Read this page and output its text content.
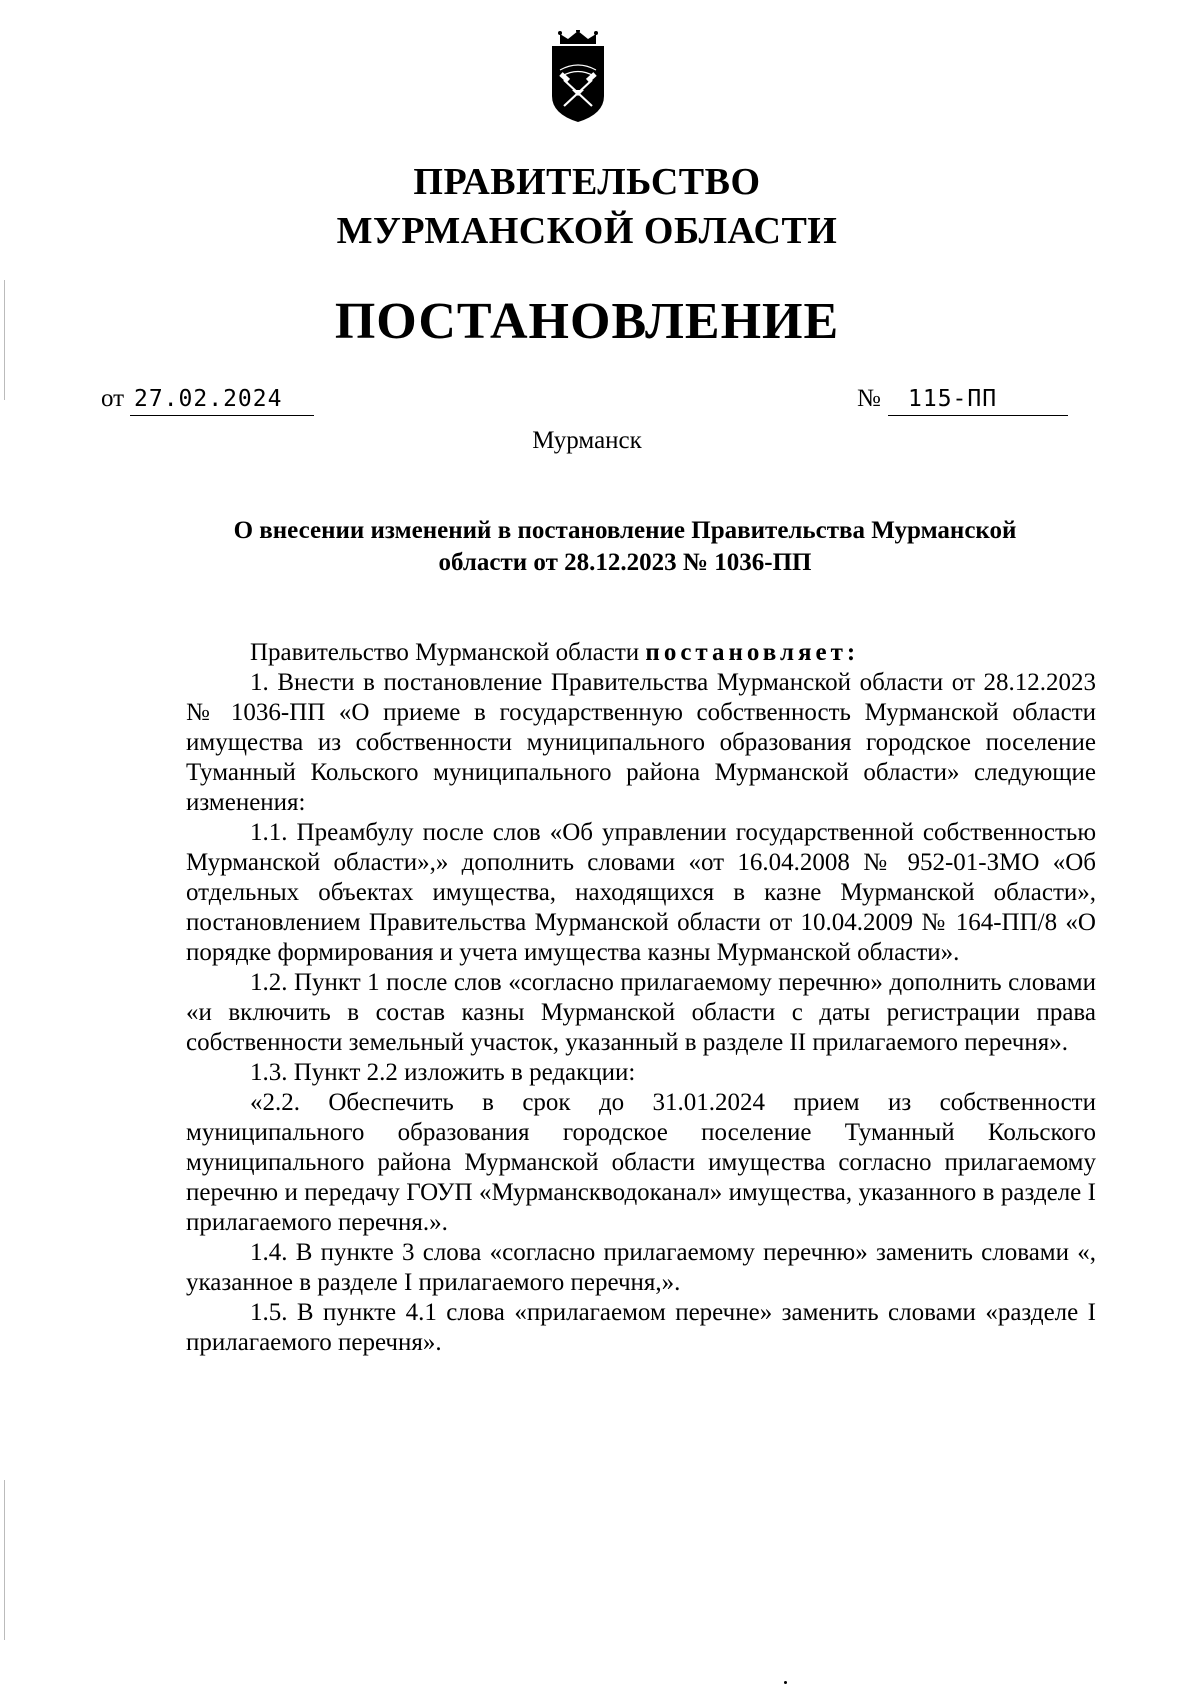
ПРАВИТЕЛЬСТВО
МУРМАНСКОЙ ОБЛАСТИ
ПОСТАНОВЛЕНИЕ
от 27.02.2024	№	115-ПП
Мурманск
О внесении изменений в постановление Правительства Мурманской
области от 28.12.2023 № 1036-ПП

Правительство Мурманской области постановляет:

1. Внести в постановление Правительства Мурманской области от 28.12.2023 № 1036-ПП «О приеме в государственную собственность Мурманской области имущества из собственности муниципального образования городское поселение Туманный Кольского муниципального района Мурманской области» следующие изменения:

1.1. Преамбулу после слов «Об управлении государственной собственностью Мурманской области»,» дополнить словами «от 16.04.2008 № 952-01-ЗМО «Об отдельных объектах имущества, находящихся в казне Мурманской области», постановлением Правительства Мурманской области от 10.04.2009 № 164-ПП/8 «О порядке формирования и учета имущества казны Мурманской области».

1.2. Пункт 1 после слов «согласно прилагаемому перечню» дополнить словами «и включить в состав казны Мурманской области с даты регистрации права собственности земельный участок, указанный в разделе II прилагаемого перечня».

1.3. Пункт 2.2 изложить в редакции:

«2.2. Обеспечить в срок до 31.01.2024 прием из собственности муниципального образования городское поселение Туманный Кольского муниципального района Мурманской области имущества согласно прилагаемому перечню и передачу ГОУП «Мурманскводоканал» имущества, указанного в разделе I прилагаемого перечня.».

1.4. В пункте 3 слова «согласно прилагаемому перечню» заменить словами «, указанное в разделе I прилагаемого перечня,».

1.5. В пункте 4.1 слова «прилагаемом перечне» заменить словами «разделе I прилагаемого перечня».
